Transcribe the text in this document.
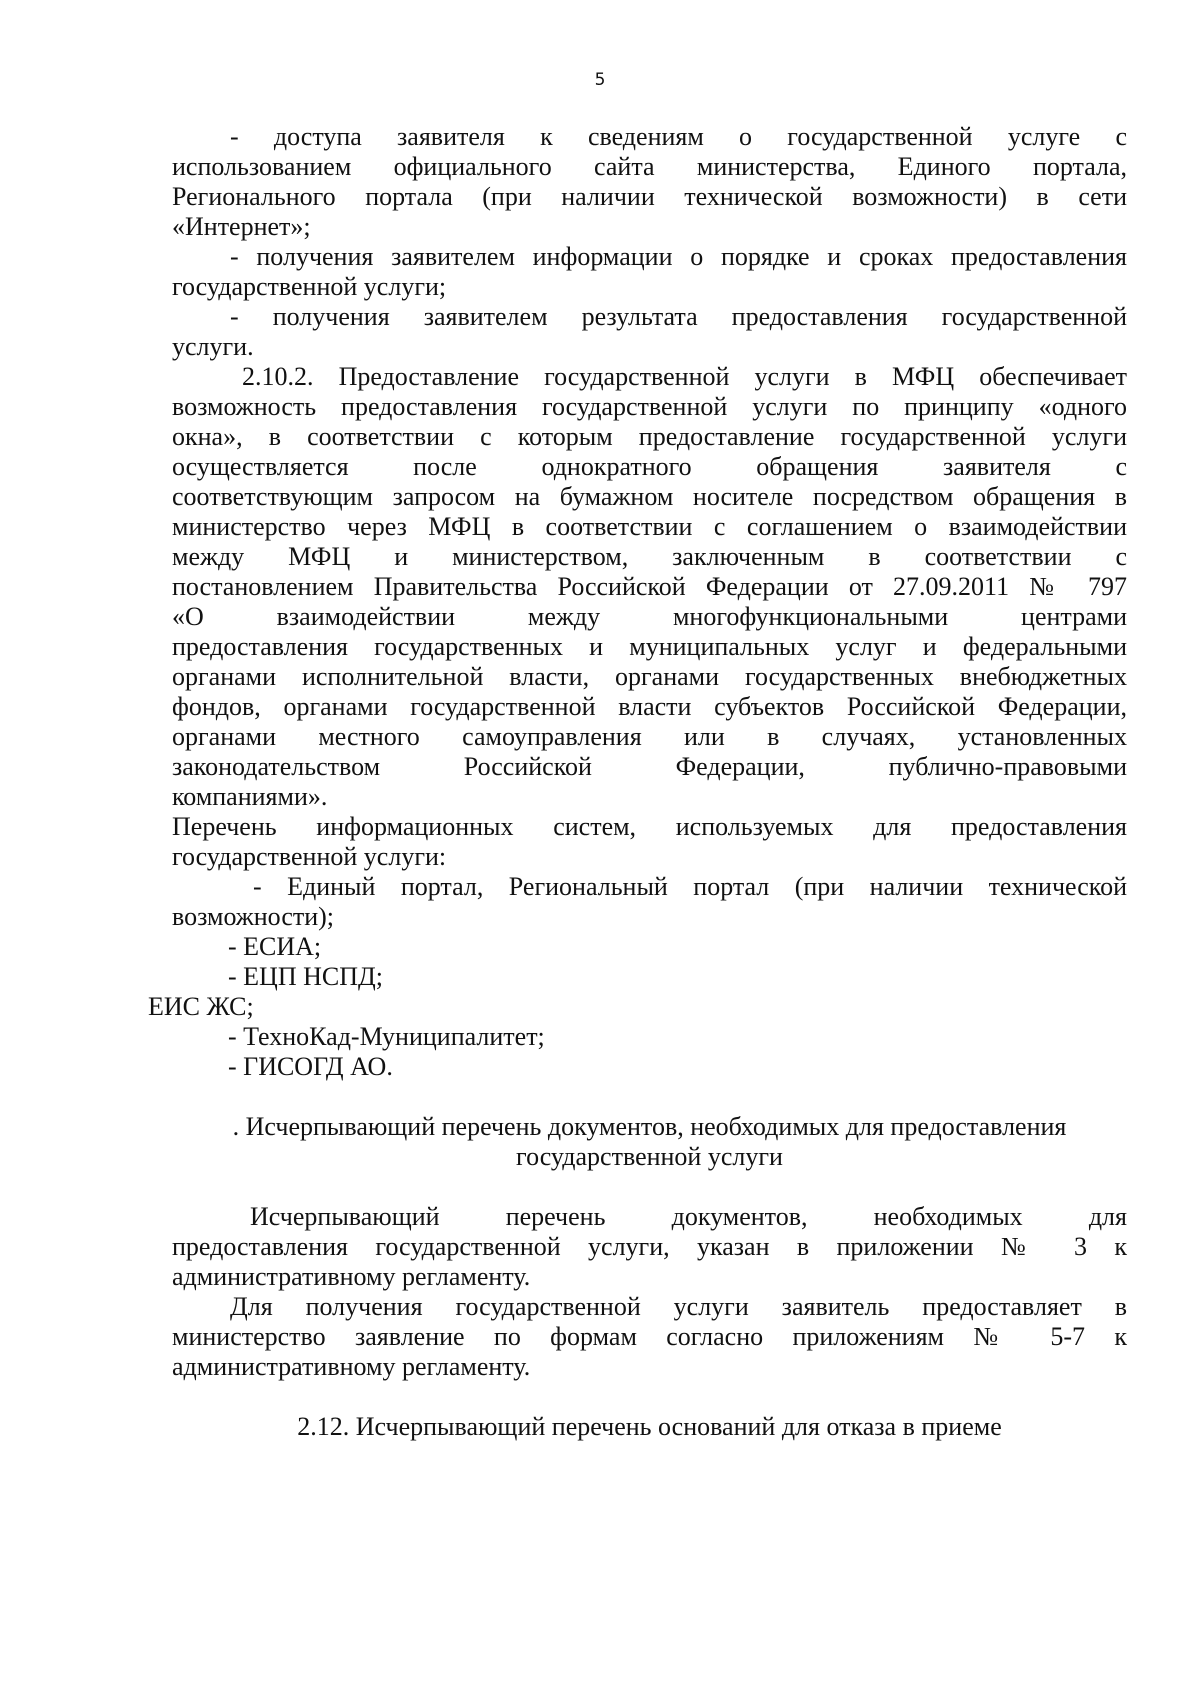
5
- доступа заявителя к сведениям о государственной услуге с
использованием официального сайта министерства, Единого портала,
Регионального портала (при наличии технической возможности) в сети
«Интернет»;
- получения заявителем информации о порядке и сроках предоставления
государственной услуги;
- получения заявителем результата предоставления государственной
услуги.
2.10.2. Предоставление государственной услуги в МФЦ обеспечивает
возможность предоставления государственной услуги по принципу «одного
окна», в соответствии с которым предоставление государственной услуги
осуществляется после однократного обращения заявителя с
соответствующим запросом на бумажном носителе посредством обращения в
министерство через МФЦ в соответствии с соглашением о взаимодействии
между МФЦ и министерством, заключенным в соответствии с
постановлением Правительства Российской Федерации от 27.09.2011 № 797
«О взаимодействии между многофункциональными центрами
предоставления государственных и муниципальных услуг и федеральными
органами исполнительной власти, органами государственных внебюджетных
фондов, органами государственной власти субъектов Российской Федерации,
органами местного самоуправления или в случаях, установленных
законодательством Российской Федерации, публично-правовыми
компаниями».
Перечень информационных систем, используемых для предоставления
государственной услуги:
- Единый портал, Региональный портал (при наличии технической
возможности);
- ЕСИА;
- ЕЦП НСПД;
ЕИС ЖС;
- ТехноКад-Муниципалитет;
- ГИСОГД АО.
. Исчерпывающий перечень документов, необходимых для предоставления
государственной услуги
Исчерпывающий перечень документов, необходимых для
предоставления государственной услуги, указан в приложении № 3 к
административному регламенту.
Для получения государственной услуги заявитель предоставляет в
министерство заявление по формам согласно приложениям № 5-7 к
административному регламенту.
2.12. Исчерпывающий перечень оснований для отказа в приеме
